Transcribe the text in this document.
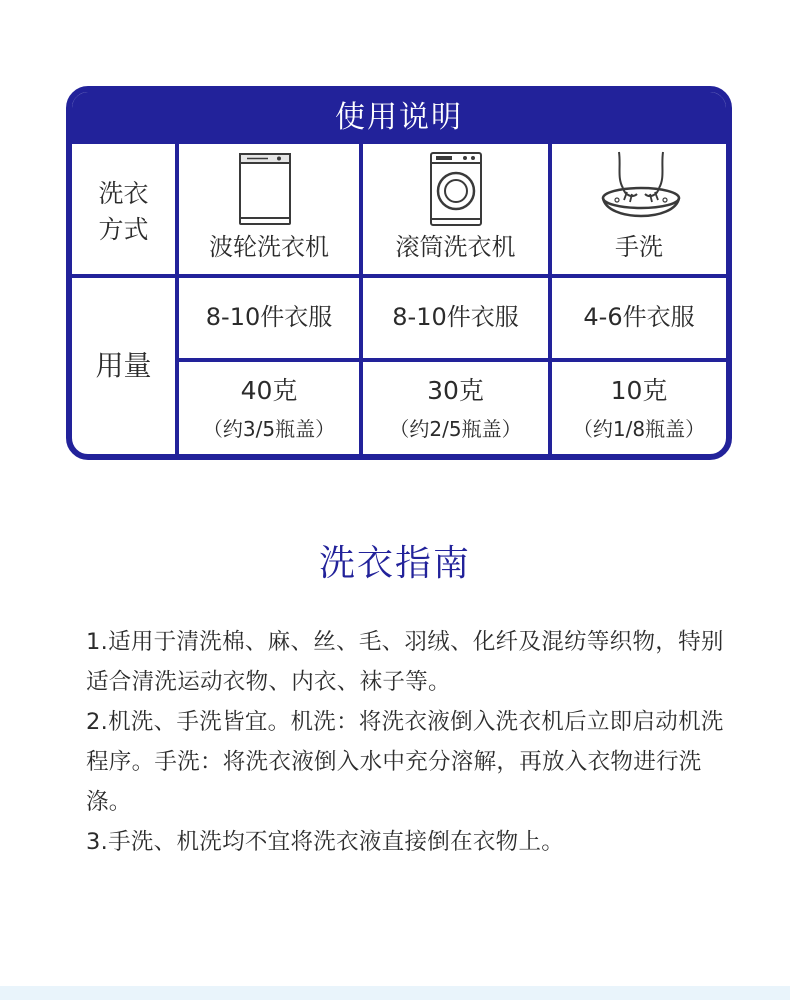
使用说明
洗衣
方式
用量
波轮洗衣机
8-10件衣服
40克
（约3/5瓶盖）
滚筒洗衣机
8-10件衣服
30克
（约2/5瓶盖）
手洗
4-6件衣服
10克
（约1/8瓶盖）
洗衣指南

1.适用于清洗棉、麻、丝、毛、羽绒、化纤及混纺等织物，特别适合清洗运动衣物、内衣、袜子等。

2.机洗、手洗皆宜。机洗：将洗衣液倒入洗衣机后立即启动机洗程序。手洗：将洗衣液倒入水中充分溶解，再放入衣物进行洗涤。

3.手洗、机洗均不宜将洗衣液直接倒在衣物上。
